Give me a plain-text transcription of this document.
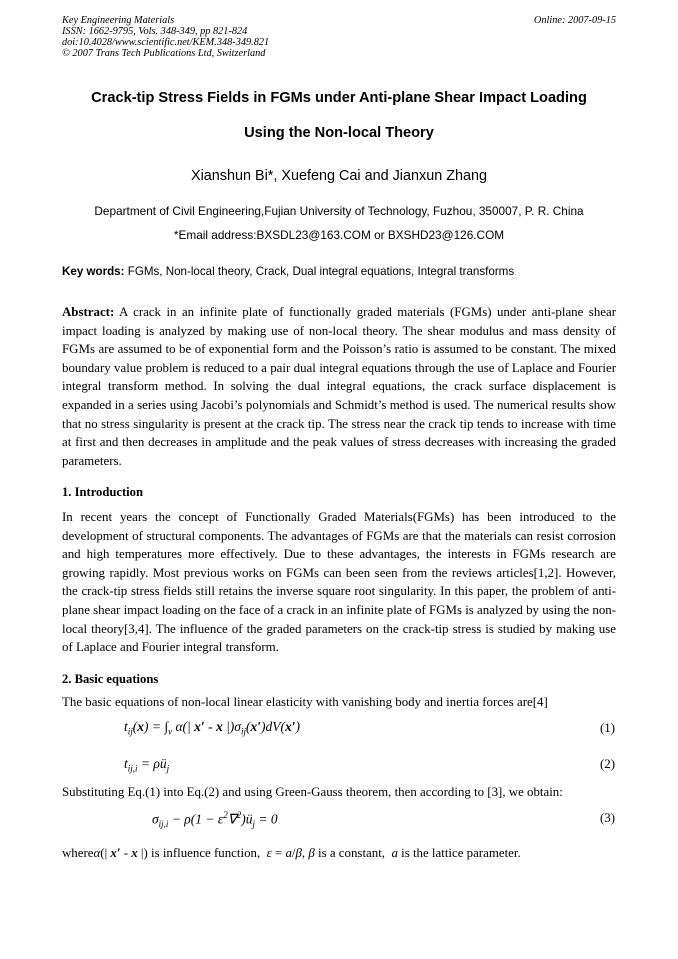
Key Engineering Materials
ISSN: 1662-9795, Vols. 348-349, pp 821-824
doi:10.4028/www.scientific.net/KEM.348-349.821
© 2007 Trans Tech Publications Ltd, Switzerland
Online: 2007-09-15
Crack-tip Stress Fields in FGMs under Anti-plane Shear Impact Loading
Using the Non-local Theory
Xianshun Bi*, Xuefeng Cai and Jianxun Zhang
Department of Civil Engineering,Fujian University of Technology, Fuzhou, 350007, P. R. China
*Email address:BXSDL23@163.COM or BXSHD23@126.COM
Key words: FGMs, Non-local theory, Crack, Dual integral equations, Integral transforms
Abstract: A crack in an infinite plate of functionally graded materials (FGMs) under anti-plane shear impact loading is analyzed by making use of non-local theory. The shear modulus and mass density of FGMs are assumed to be of exponential form and the Poisson’s ratio is assumed to be constant. The mixed boundary value problem is reduced to a pair dual integral equations through the use of Laplace and Fourier integral transform method. In solving the dual integral equations, the crack surface displacement is expanded in a series using Jacobi’s polynomials and Schmidt’s method is used. The numerical results show that no stress singularity is present at the crack tip. The stress near the crack tip tends to increase with time at first and then decreases in amplitude and the peak values of stress decreases with increasing the graded parameters.
1. Introduction
In recent years the concept of Functionally Graded Materials(FGMs) has been introduced to the development of structural components. The advantages of FGMs are that the materials can resist corrosion and high temperatures more effectively. Due to these advantages, the interests in FGMs research are growing rapidly. Most previous works on FGMs can been seen from the reviews articles[1,2]. However, the crack-tip stress fields still retains the inverse square root singularity. In this paper, the problem of anti-plane shear impact loading on the face of a crack in an infinite plate of FGMs is analyzed by using the non-local theory[3,4]. The influence of the graded parameters on the crack-tip stress is studied by making use of Laplace and Fourier integral transform.
2. Basic equations
The basic equations of non-local linear elasticity with vanishing body and inertia forces are[4]
$t_{ij}(x) = \int_v$ α(| x′ - x $|)\sigma_{ij}(x')dV(x')$	(1)
$t_{ij,i}$ = $\rho ü_j$	(2)
Substituting Eq.(1) into Eq.(2) and using Green-Gauss theorem, then according to [3], we obtain:
$\sigma_{ij,i} - \rho(1$ − $\varepsilon^2\nabla^2)ü_j = 0$	(3)
whereα(| x′ - x |) is influence function, ε = a/β, β is a constant, a is the lattice parameter.
